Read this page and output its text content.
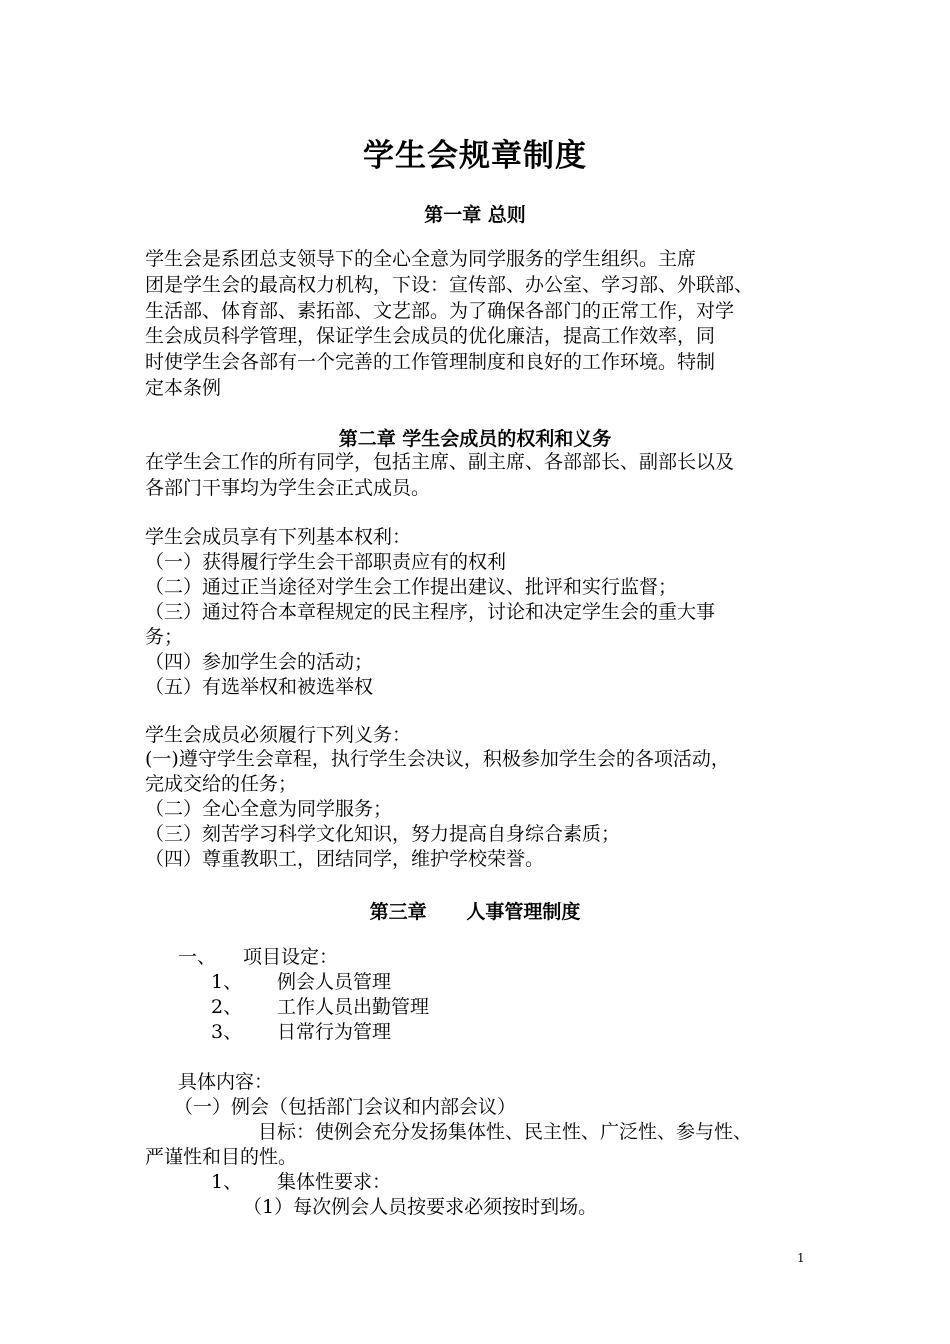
学生会规章制度
第一章 总则
学生会是系团总支领导下的全心全意为同学服务的学生组织。主席
团是学生会的最高权力机构，下设：宣传部、办公室、学习部、外联部、
生活部、体育部、素拓部、文艺部。为了确保各部门的正常工作，对学
生会成员科学管理，保证学生会成员的优化廉洁，提高工作效率，同
时使学生会各部有一个完善的工作管理制度和良好的工作环境。特制
定本条例
第二章 学生会成员的权利和义务
在学生会工作的所有同学，包括主席、副主席、各部部长、副部长以及
各部门干事均为学生会正式成员。
学生会成员享有下列基本权利：
（一）获得履行学生会干部职责应有的权利
（二）通过正当途径对学生会工作提出建议、批评和实行监督；
（三）通过符合本章程规定的民主程序，讨论和决定学生会的重大事
务；
（四）参加学生会的活动；
（五）有选举权和被选举权
学生会成员必须履行下列义务：
(一)遵守学生会章程，执行学生会决议，积极参加学生会的各项活动，
完成交给的任务；
（二）全心全意为同学服务；
（三）刻苦学习科学文化知识，努力提高自身综合素质；
（四）尊重教职工，团结同学，维护学校荣誉。
第三章      人事管理制度
一、 项目设定：
1、	例会人员管理
2、	工作人员出勤管理
3、	日常行为管理
具体内容：
（一）例会（包括部门会议和内部会议）
目标：使例会充分发扬集体性、民主性、广泛性、参与性、
严谨性和目的性。
1、	集体性要求：
（1）每次例会人员按要求必须按时到场。
1
